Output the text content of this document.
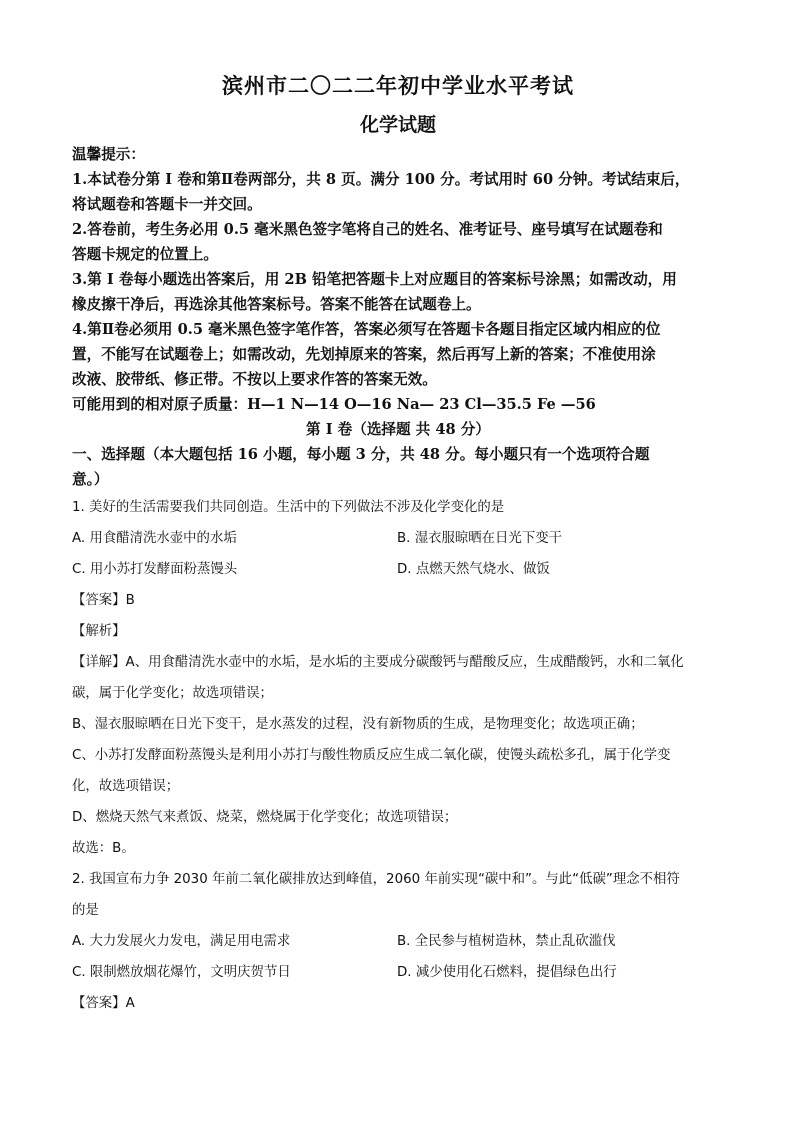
滨州市二〇二二年初中学业水平考试
化学试题
温馨提示：
1.本试卷分第 I 卷和第Ⅱ卷两部分，共 8 页。满分 100 分。考试用时 60 分钟。考试结束后，
将试题卷和答题卡一并交回。
2.答卷前，考生务必用 0.5 毫米黑色签字笔将自己的姓名、准考证号、座号填写在试题卷和
答题卡规定的位置上。
3.第 I 卷每小题选出答案后，用 2B 铅笔把答题卡上对应题目的答案标号涂黑；如需改动，用
橡皮擦干净后，再选涂其他答案标号。答案不能答在试题卷上。
4.第Ⅱ卷必须用 0.5 毫米黑色签字笔作答，答案必须写在答题卡各题目指定区域内相应的位
置，不能写在试题卷上；如需改动，先划掉原来的答案，然后再写上新的答案；不准使用涂
改液、胶带纸、修正带。不按以上要求作答的答案无效。
可能用到的相对原子质量：H—1 N—14 O—16 Na— 23 Cl—35.5 Fe —56
第 I 卷（选择题 共 48 分）
一、选择题（本大题包括 16 小题，每小题 3 分，共 48 分。每小题只有一个选项符合题
意。）
1. 美好的生活需要我们共同创造。生活中的下列做法不涉及化学变化的是
A. 用食醋清洗水壶中的水垢	B. 湿衣服晾晒在日光下变干
C. 用小苏打发酵面粉蒸馒头	D. 点燃天然气烧水、做饭
【答案】B
【解析】
【详解】A、用食醋清洗水壶中的水垢，是水垢的主要成分碳酸钙与醋酸反应，生成醋酸钙，水和二氧化
碳，属于化学变化；故选项错误；
B、湿衣服晾晒在日光下变干，是水蒸发的过程，没有新物质的生成，是物理变化；故选项正确；
C、小苏打发酵面粉蒸馒头是利用小苏打与酸性物质反应生成二氧化碳，使馒头疏松多孔，属于化学变
化，故选项错误；
D、燃烧天然气来煮饭、烧菜，燃烧属于化学变化；故选项错误；
故选：B。
2. 我国宣布力争 2030 年前二氧化碳排放达到峰值，2060 年前实现“碳中和”。与此“低碳”理念不相符
的是
A. 大力发展火力发电，满足用电需求	B. 全民参与植树造林，禁止乱砍滥伐
C. 限制燃放烟花爆竹，文明庆贺节日	D. 减少使用化石燃料，提倡绿色出行
【答案】A
